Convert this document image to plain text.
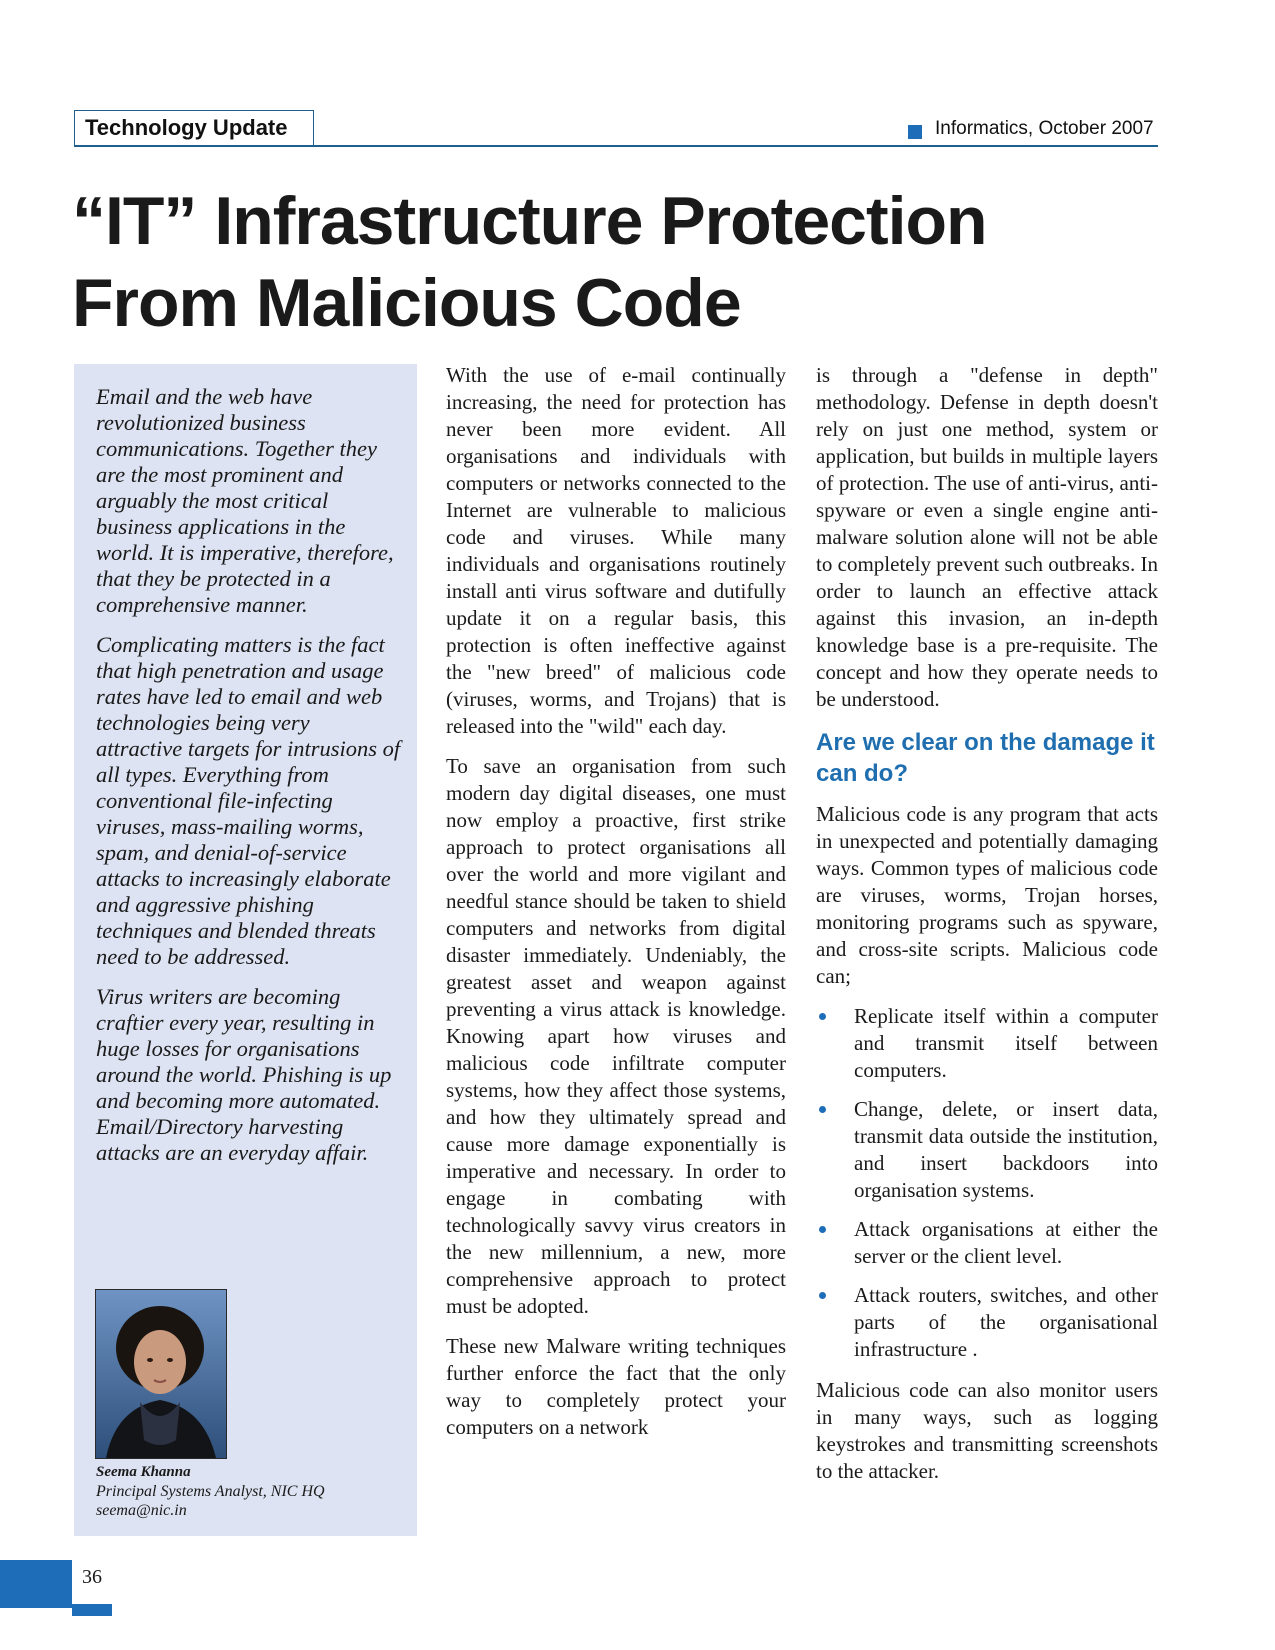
Technology Update	Informatics, October 2007
“IT” Infrastructure Protection
From Malicious Code

Email and the web have revolutionized business communications. Together they are the most prominent and arguably the most critical business applications in the world. It is imperative, therefore, that they be protected in a comprehensive manner.

Complicating matters is the fact that high penetration and usage rates have led to email and web technologies being very attractive targets for intrusions of all types. Everything from conventional file-infecting viruses, mass-mailing worms, spam, and denial-of-service attacks to increasingly elaborate and aggressive phishing techniques and blended threats need to be addressed.

Virus writers are becoming craftier every year, resulting in huge losses for organisations around the world. Phishing is up and becoming more automated. Email/Directory harvesting attacks are an everyday affair.

Seema Khanna
Principal Systems Analyst, NIC HQ
seema@nic.in

With the use of e-mail continually increasing, the need for protection has never been more evident. All organisations and individuals with computers or networks connected to the Internet are vulnerable to malicious code and viruses. While many individuals and organisations routinely install anti virus software and dutifully update it on a regular basis, this protection is often ineffective against the "new breed" of malicious code (viruses, worms, and Trojans) that is released into the "wild" each day.

To save an organisation from such modern day digital diseases, one must now employ a proactive, first strike approach to protect organisations all over the world and more vigilant and needful stance should be taken to shield computers and networks from digital disaster immediately. Undeniably, the greatest asset and weapon against preventing a virus attack is knowledge. Knowing apart how viruses and malicious code infiltrate computer systems, how they affect those systems, and how they ultimately spread and cause more damage exponentially is imperative and necessary. In order to engage in combating with technologically savvy virus creators in the new millennium, a new, more comprehensive approach to protect must be adopted.

These new Malware writing techniques further enforce the fact that the only way to completely protect your computers on a network

is through a "defense in depth" methodology. Defense in depth doesn't rely on just one method, system or application, but builds in multiple layers of protection. The use of anti-virus, anti-spyware or even a single engine anti-malware solution alone will not be able to completely prevent such outbreaks. In order to launch an effective attack against this invasion, an in-depth knowledge base is a pre-requisite. The concept and how they operate needs to be understood.

Are we clear on the damage it can do?

Malicious code is any program that acts in unexpected and potentially damaging ways. Common types of malicious code are viruses, worms, Trojan horses, monitoring programs such as spyware, and cross-site scripts. Malicious code can;

Replicate itself within a computer and transmit itself between computers.
Change, delete, or insert data, transmit data outside the institution, and insert backdoors into organisation systems.
Attack organisations at either the server or the client level.
Attack routers, switches, and other parts of the organisational infrastructure .

Malicious code can also monitor users in many ways, such as logging keystrokes and transmitting screenshots to the attacker.

36
